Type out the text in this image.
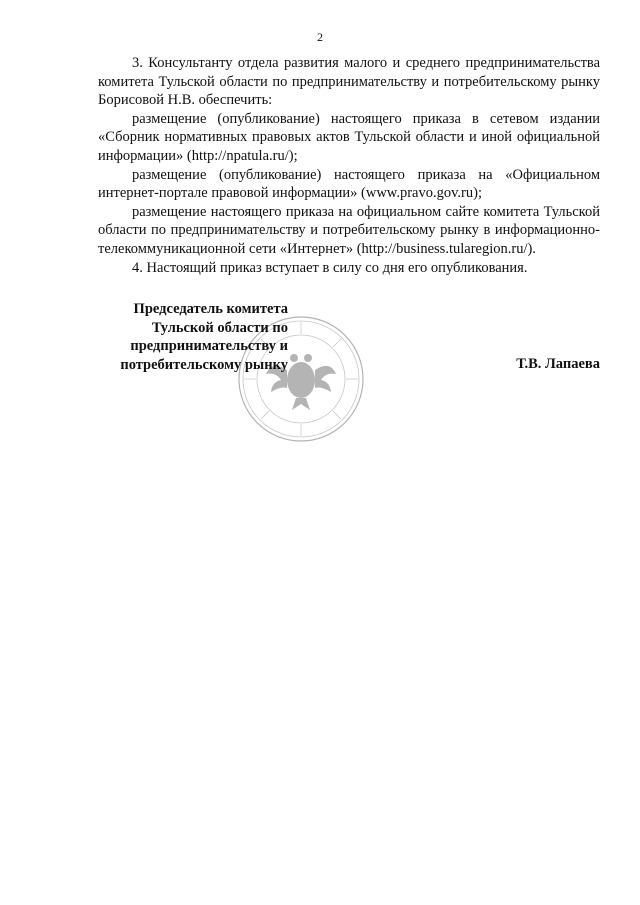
2

3. Консультанту отдела развития малого и среднего предпринимательства комитета Тульской области по предпринимательству и потребительскому рынку Борисовой Н.В. обеспечить:

размещение (опубликование) настоящего приказа в сетевом издании «Сборник нормативных правовых актов Тульской области и иной официальной информации» (http://npatula.ru/);

размещение (опубликование) настоящего приказа на «Официальном интернет-портале правовой информации» (www.pravo.gov.ru);

размещение настоящего приказа на официальном сайте комитета Тульской области по предпринимательству и потребительскому рынку в информационно-телекоммуникационной сети «Интернет» (http://business.tularegion.ru/).

4. Настоящий приказ вступает в силу со дня его опубликования.

Председатель комитета
Тульской области по
предпринимательству и
потребительскому рынку	Т.В. Лапаева
